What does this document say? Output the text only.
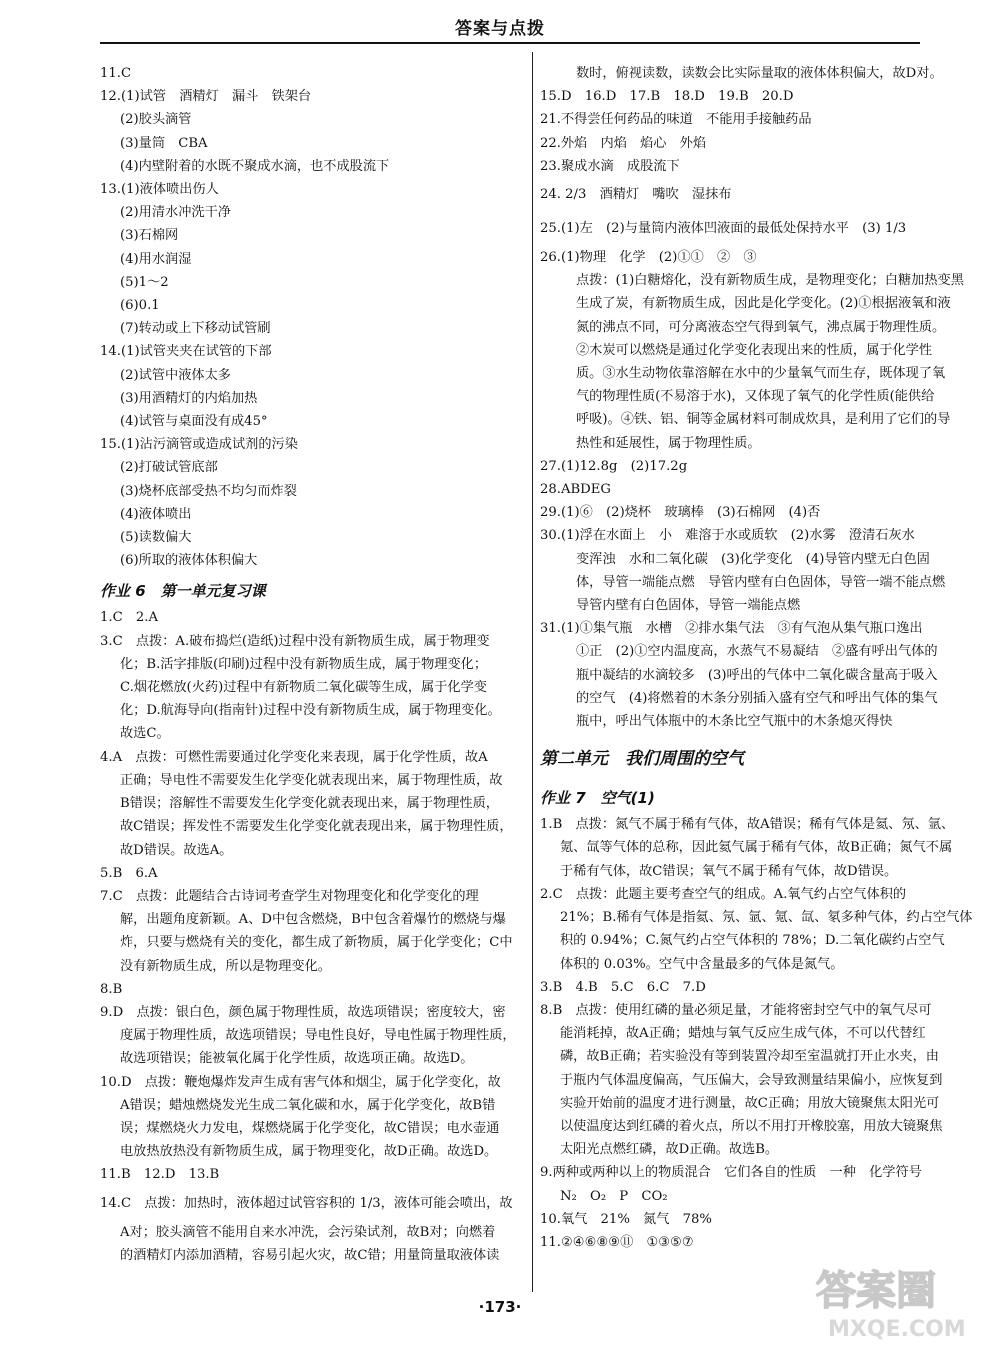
答案与点拨
11.C
12.(1)试管　酒精灯　漏斗　铁架台
(2)胶头滴管
(3)量筒　CBA
(4)内壁附着的水既不聚成水滴，也不成股流下
13.(1)液体喷出伤人
(2)用清水冲洗干净
(3)石棉网
(4)用水润湿
(5)1～2
(6)0.1
(7)转动或上下移动试管刷
14.(1)试管夹夹在试管的下部
(2)试管中液体太多
(3)用酒精灯的内焰加热
(4)试管与桌面没有成45°
15.(1)沾污滴管或造成试剂的污染
(2)打破试管底部
(3)烧杯底部受热不均匀而炸裂
(4)液体喷出
(5)读数偏大
(6)所取的液体体积偏大
作业 6　第一单元复习课
1.C　2.A
3.C　点拨：A.破布捣烂(造纸)过程中没有新物质生成，属于物理变
化；B.活字排版(印刷)过程中没有新物质生成，属于物理变化；
C.烟花燃放(火药)过程中有新物质二氧化碳等生成，属于化学变
化；D.航海导向(指南针)过程中没有新物质生成，属于物理变化。
故选C。
4.A　点拨：可燃性需要通过化学变化来表现，属于化学性质，故A
正确；导电性不需要发生化学变化就表现出来，属于物理性质，故
B错误；溶解性不需要发生化学变化就表现出来，属于物理性质，
故C错误；挥发性不需要发生化学变化就表现出来，属于物理性质，
故D错误。故选A。
5.B　6.A
7.C　点拨：此题结合古诗词考查学生对物理变化和化学变化的理
解，出题角度新颖。A、D中包含燃烧，B中包含着爆竹的燃烧与爆
炸，只要与燃烧有关的变化，都生成了新物质，属于化学变化；C中
没有新物质生成，所以是物理变化。
8.B
9.D　点拨：银白色，颜色属于物理性质，故选项错误；密度较大，密
度属于物理性质，故选项错误；导电性良好，导电性属于物理性质，
故选项错误；能被氧化属于化学性质，故选项正确。故选D。
10.D　点拨：鞭炮爆炸发声生成有害气体和烟尘，属于化学变化，故
A错误；蜡烛燃烧发光生成二氧化碳和水，属于化学变化，故B错
误；煤燃烧火力发电，煤燃烧属于化学变化，故C错误；电水壶通
电放热放热没有新物质生成，属于物理变化，故D正确。故选D。
11.B　12.D　13.B
14.C　点拨：加热时，液体超过试管容积的 1/3，液体可能会喷出，故
A对；胶头滴管不能用自来水冲洗，会污染试剂，故B对；向燃着
的酒精灯内添加酒精，容易引起火灾，故C错；用量筒量取液体读
数时，俯视读数，读数会比实际量取的液体体积偏大，故D对。
15.D　16.D　17.B　18.D　19.B　20.D
21.不得尝任何药品的味道　不能用手接触药品
22.外焰　内焰　焰心　外焰
23.聚成水滴　成股流下
24. 2/3　酒精灯　嘴吹　湿抹布
25.(1)左　(2)与量筒内液体凹液面的最低处保持水平　(3) 1/3
26.(1)物理　化学　(2)①①　②　③
点拨：(1)白糖熔化，没有新物质生成，是物理变化；白糖加热变黑
生成了炭，有新物质生成，因此是化学变化。(2)①根据液氧和液
氮的沸点不同，可分离液态空气得到氧气，沸点属于物理性质。
②木炭可以燃烧是通过化学变化表现出来的性质，属于化学性
质。③水生动物依靠溶解在水中的少量氧气而生存，既体现了氧
气的物理性质(不易溶于水)，又体现了氧气的化学性质(能供给
呼吸)。④铁、铝、铜等金属材料可制成炊具，是利用了它们的导
热性和延展性，属于物理性质。
27.(1)12.8g　(2)17.2g
28.ABDEG
29.(1)⑥　(2)烧杯　玻璃棒　(3)石棉网　(4)否
30.(1)浮在水面上　小　难溶于水或质软　(2)水雾　澄清石灰水
变浑浊　水和二氧化碳　(3)化学变化　(4)导管内壁无白色固
体，导管一端能点燃　导管内壁有白色固体，导管一端不能点燃
导管内壁有白色固体，导管一端能点燃
31.(1)①集气瓶　水槽　②排水集气法　③有气泡从集气瓶口逸出
①正　(2)①空内温度高，水蒸气不易凝结　②盛有呼出气体的
瓶中凝结的水滴较多　(3)呼出的气体中二氧化碳含量高于吸入
的空气　(4)将燃着的木条分别插入盛有空气和呼出气体的集气
瓶中，呼出气体瓶中的木条比空气瓶中的木条熄灭得快
第二单元　我们周围的空气
作业 7　空气(1)
1.B　点拨：氮气不属于稀有气体，故A错误；稀有气体是氦、氖、氩、
氪、氙等气体的总称，因此氦气属于稀有气体，故B正确；氮气不属
于稀有气体，故C错误；氧气不属于稀有气体，故D错误。
2.C　点拨：此题主要考查空气的组成。A.氧气约占空气体积的
21%；B.稀有气体是指氦、氖、氩、氪、氙、氡多种气体，约占空气体
积的 0.94%；C.氮气约占空气体积的 78%；D.二氧化碳约占空气
体积的 0.03%。空气中含量最多的气体是氮气。
3.B　4.B　5.C　6.C　7.D
8.B　点拨：使用红磷的量必须足量，才能将密封空气中的氧气尽可
能消耗掉，故A正确；蜡烛与氧气反应生成气体，不可以代替红
磷，故B正确；若实验没有等到装置冷却至室温就打开止水夹，由
于瓶内气体温度偏高，气压偏大，会导致测量结果偏小，应恢复到
实验开始前的温度才进行测量，故C正确；用放大镜聚焦太阳光可
以使温度达到红磷的着火点，所以不用打开橡胶塞，用放大镜聚焦
太阳光点燃红磷，故D正确。故选B。
9.两种或两种以上的物质混合　它们各自的性质　一种　化学符号
N₂　O₂　P　CO₂
10.氧气　21%　氮气　78%
11.②④⑥⑧⑨⑪　①③⑤⑦
·173·	答案圈
MXQE.COM
